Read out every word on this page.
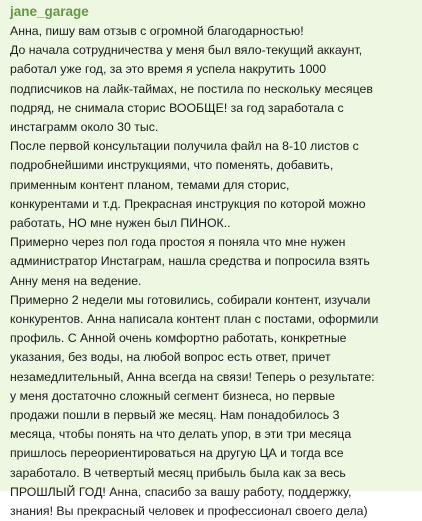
jane_garage
Анна, пишу вам отзыв с огромной благодарностью!
До начала сотрудничества у меня был вяло-текущий аккаунт,
работал уже год, за это время я успела накрутить 1000
подписчиков на лайк-таймах, не постила по нескольку месяцев
подряд, не снимала сторис ВООБЩЕ! за год заработала с
инстаграмм около 30 тыс.
После первой консультации получила файл на 8-10 листов с
подробнейшими инструкциями, что поменять, добавить,
применным контент планом, темами для сторис,
конкурентами и т.д. Прекрасная инструкция по которой можно
работать, НО мне нужен был ПИНОК..
Примерно через пол года простоя я поняла что мне нужен
администратор Инстаграм, нашла средства и попросила взять
Анну меня на ведение.
Примерно 2 недели мы готовились, собирали контент, изучали
конкурентов. Анна написала контент план с постами, оформили
профиль. С Анной очень комфортно работать, конкретные
указания, без воды, на любой вопрос есть ответ, причет
незамедлительный, Анна всегда на связи! Теперь о результате:
у меня достаточно сложный сегмент бизнеса, но первые
продажи пошли в первый же месяц. Нам понадобилось 3
месяца, чтобы понять на что делать упор, в эти три месяца
пришлось переориентироваться на другую ЦА и тогда все
заработало. В четвертый месяц прибыль была как за весь
ПРОШЛЫЙ ГОД! Анна, спасибо за вашу работу, поддержку,
знания! Вы прекрасный человек и профессионал своего дела)
